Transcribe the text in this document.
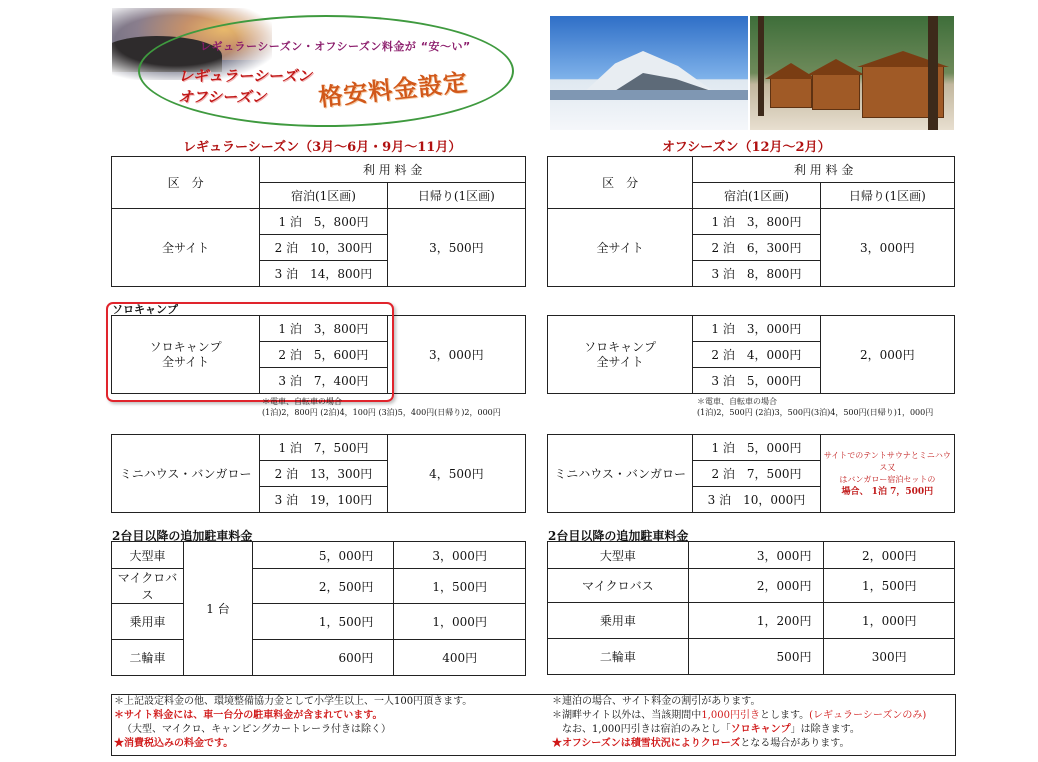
レギュラーシーズン・オフシーズン料金が “安〜い”
レギュラーシーズン
オフシーズン 格安料金設定
レギュラーシーズン（3月〜6月・9月〜11月）	オフシーズン（12月〜2月）
区　分	利 用 料 金	
	宿泊(1区画)	日帰り(1区画)
全サイト	1 泊　5，800円	3，500円
	2 泊　10，300円	
	3 泊　14，800円	
区　分	利 用 料 金	
	宿泊(1区画)	日帰り(1区画)
全サイト	1 泊　3，800円	3，000円
	2 泊　6，300円	
	3 泊　8，800円	
ソロキャンプ
ソロキャンプ
全サイト	1 泊　3，800円	3，000円
2 泊　5，600円
3 泊　7，400円
ソロキャンプ
全サイト	1 泊　3，000円	2，000円
2 泊　4，000円
3 泊　5，000円
＊電車、自転車の場合
(1泊)2，800円 (2泊)4，100円 (3泊)5，400円(日帰り)2，000円
＊電車、自転車の場合
(1泊)2，500円 (2泊)3，500円(3泊)4，500円(日帰り)1，000円
ミニハウス・バンガロー	1 泊　7，500円	4，500円
2 泊　13，300円
3 泊　19，100円
ミニハウス・バンガロー	1 泊　5，000円	サイトでのテントサウナとミニハウス又
はバンガロー宿泊セットの
場合、 1泊 7，500円
2 泊　7，500円
3 泊　10，000円
2台目以降の追加駐車料金	2台目以降の追加駐車料金
大型車	1 台	5，000円	3，000円
マイクロバス		2，500円	1，500円
乗用車		1，500円	1，000円
二輪車		600円	400円
大型車	3，000円	2，000円
マイクロバス	2，000円	1，500円
乗用車	1，200円	1，000円
二輪車	500円	300円
＊上記設定料金の他、環境整備協力金として小学生以上、一人100円頂きます。
＊サイト料金には、車一台分の駐車料金が含まれています。
（大型、マイクロ、キャンピングカートレーラ付きは除く）
★消費税込みの料金です。
＊連泊の場合、サイト料金の割引があります。
＊湖畔サイト以外は、当該期間中1,000円引きとします。(レギュラーシーズンのみ)
なお、1,000円引きは宿泊のみとし「ソロキャンプ」は除きます。
★オフシーズンは積雪状況によりクローズとなる場合があります。
